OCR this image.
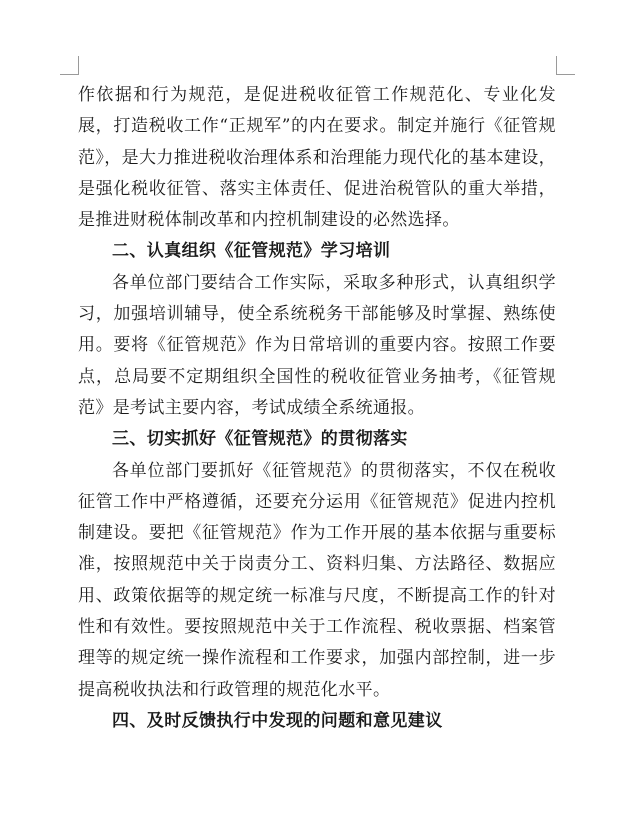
作依据和行为规范，是促进税收征管工作规范化、专业化发展，打造税收工作“正规军”的内在要求。制定并施行《征管规范》，是大力推进税收治理体系和治理能力现代化的基本建设，是强化税收征管、落实主体责任、促进治税管队的重大举措，是推进财税体制改革和内控机制建设的必然选择。

二、认真组织《征管规范》学习培训

各单位部门要结合工作实际，采取多种形式，认真组织学习，加强培训辅导，使全系统税务干部能够及时掌握、熟练使用。要将《征管规范》作为日常培训的重要内容。按照工作要点，总局要不定期组织全国性的税收征管业务抽考，《征管规范》是考试主要内容，考试成绩全系统通报。

三、切实抓好《征管规范》的贯彻落实

各单位部门要抓好《征管规范》的贯彻落实，不仅在税收征管工作中严格遵循，还要充分运用《征管规范》促进内控机制建设。要把《征管规范》作为工作开展的基本依据与重要标准，按照规范中关于岗责分工、资料归集、方法路径、数据应用、政策依据等的规定统一标准与尺度，不断提高工作的针对性和有效性。要按照规范中关于工作流程、税收票据、档案管理等的规定统一操作流程和工作要求，加强内部控制，进一步提高税收执法和行政管理的规范化水平。

四、及时反馈执行中发现的问题和意见建议
